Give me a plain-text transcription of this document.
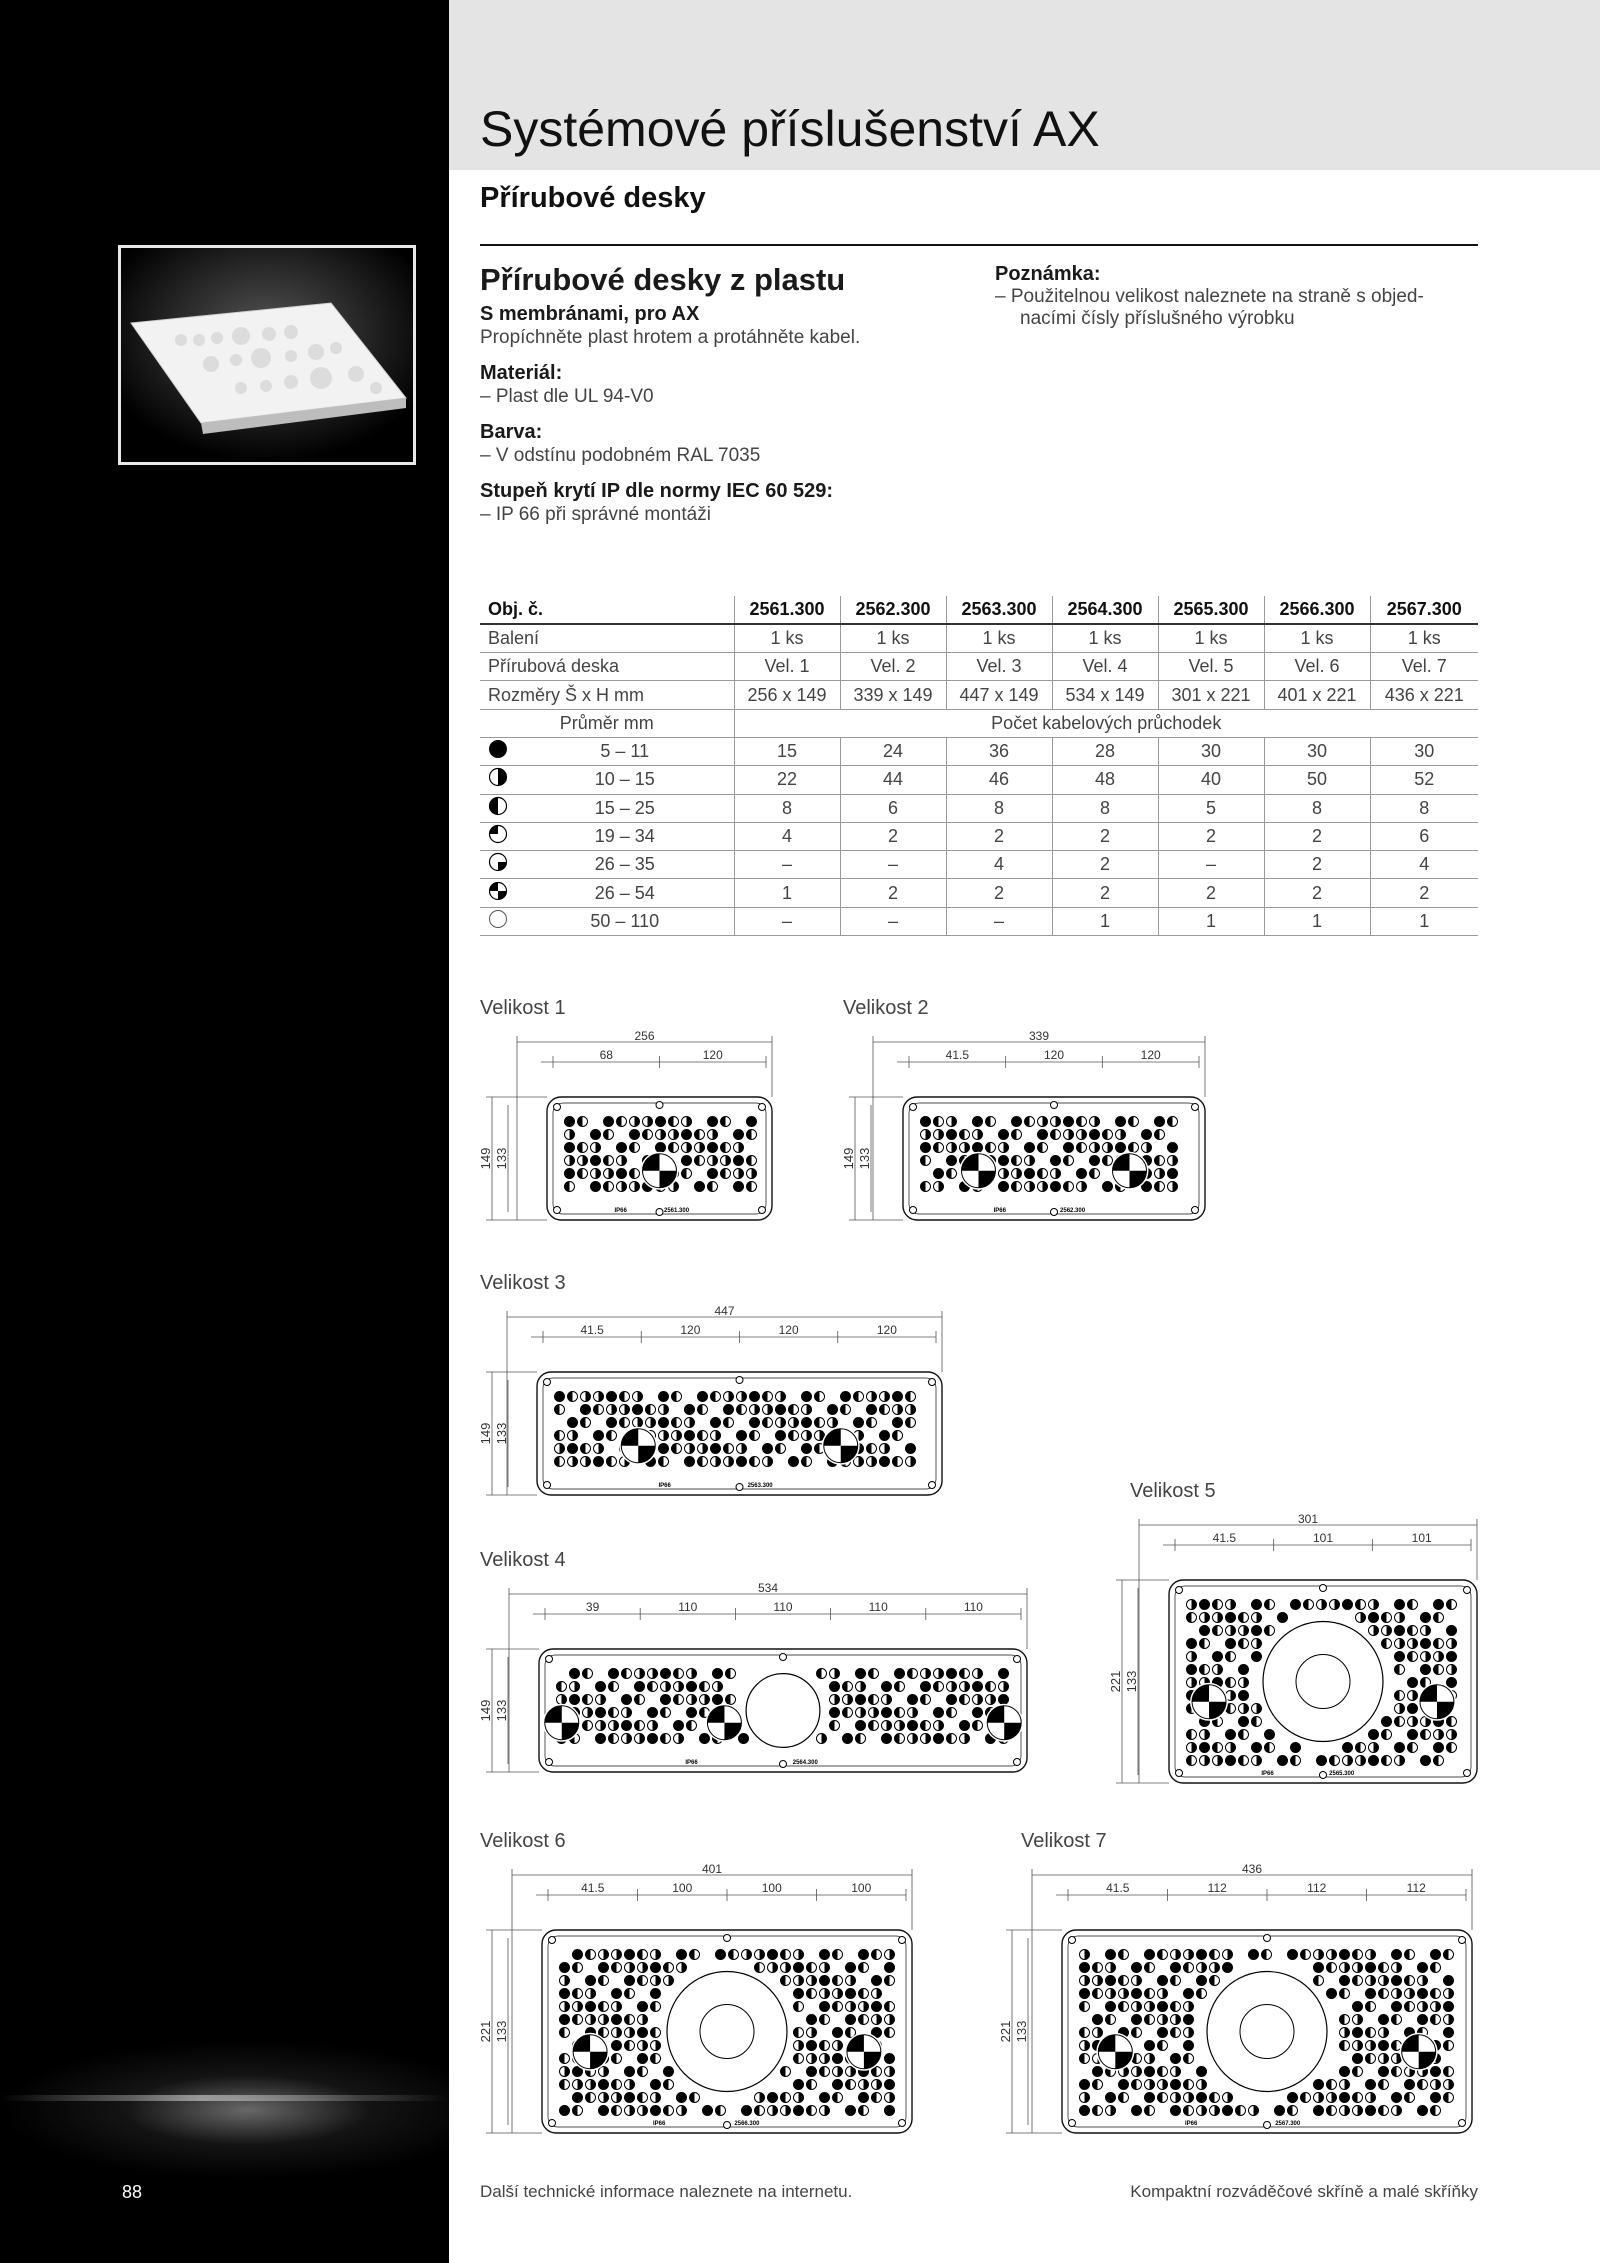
Systémové příslušenství AX
Přírubové desky
Přírubové desky z plastu
S membránami, pro AX
Propíchněte plast hrotem a protáhněte kabel.
Materiál:
– Plast dle UL 94-V0
Barva:
– V odstínu podobném RAL 7035
Stupeň krytí IP dle normy IEC 60 529:
– IP 66 při správné montáži
Poznámka:
– Použitelnou velikost naleznete na straně s objed-
nacími čísly příslušného výrobku
Obj. č.		2561.300	2562.300	2563.300	2564.300	2565.300	2566.300	2567.300
Balení		1 ks	1 ks	1 ks	1 ks	1 ks	1 ks	1 ks
Přírubová deska		Vel. 1	Vel. 2	Vel. 3	Vel. 4	Vel. 5	Vel. 6	Vel. 7
Rozměry Š x H mm		256 x 149	339 x 149	447 x 149	534 x 149	301 x 221	401 x 221	436 x 221
Průměr mm		Počet kabelových průchodek						
	5 – 11	15	24	36	28	30	30	30
	10 – 15	22	44	46	48	40	50	52
	15 – 25	8	6	8	8	5	8	8
	19 – 34	4	2	2	2	2	2	6
	26 – 35	–	–	4	2	–	2	4
	26 – 54	1	2	2	2	2	2	2
	50 – 110	–	–	–	1	1	1	1
Velikost 1
256
68	120
149 133
IP66	2561.300
Velikost 2
339
41.5	120	120
149 133
IP66	2562.300
Velikost 3
447
41.5	120	120	120
149 133
IP66	2563.300
Velikost 4
534
39	110	110	110	110
149 133
IP66	2564.300
Velikost 5
301
41.5	101	101
221 133
IP66	2565.300
Velikost 6
401
41.5	100	100	100
221 133
IP66	2566.300
Velikost 7
436
41.5	112	112	112
221 133
IP66	2567.300
88	Další technické informace naleznete na internetu.	Kompaktní rozváděčové skříně a malé skříňky
